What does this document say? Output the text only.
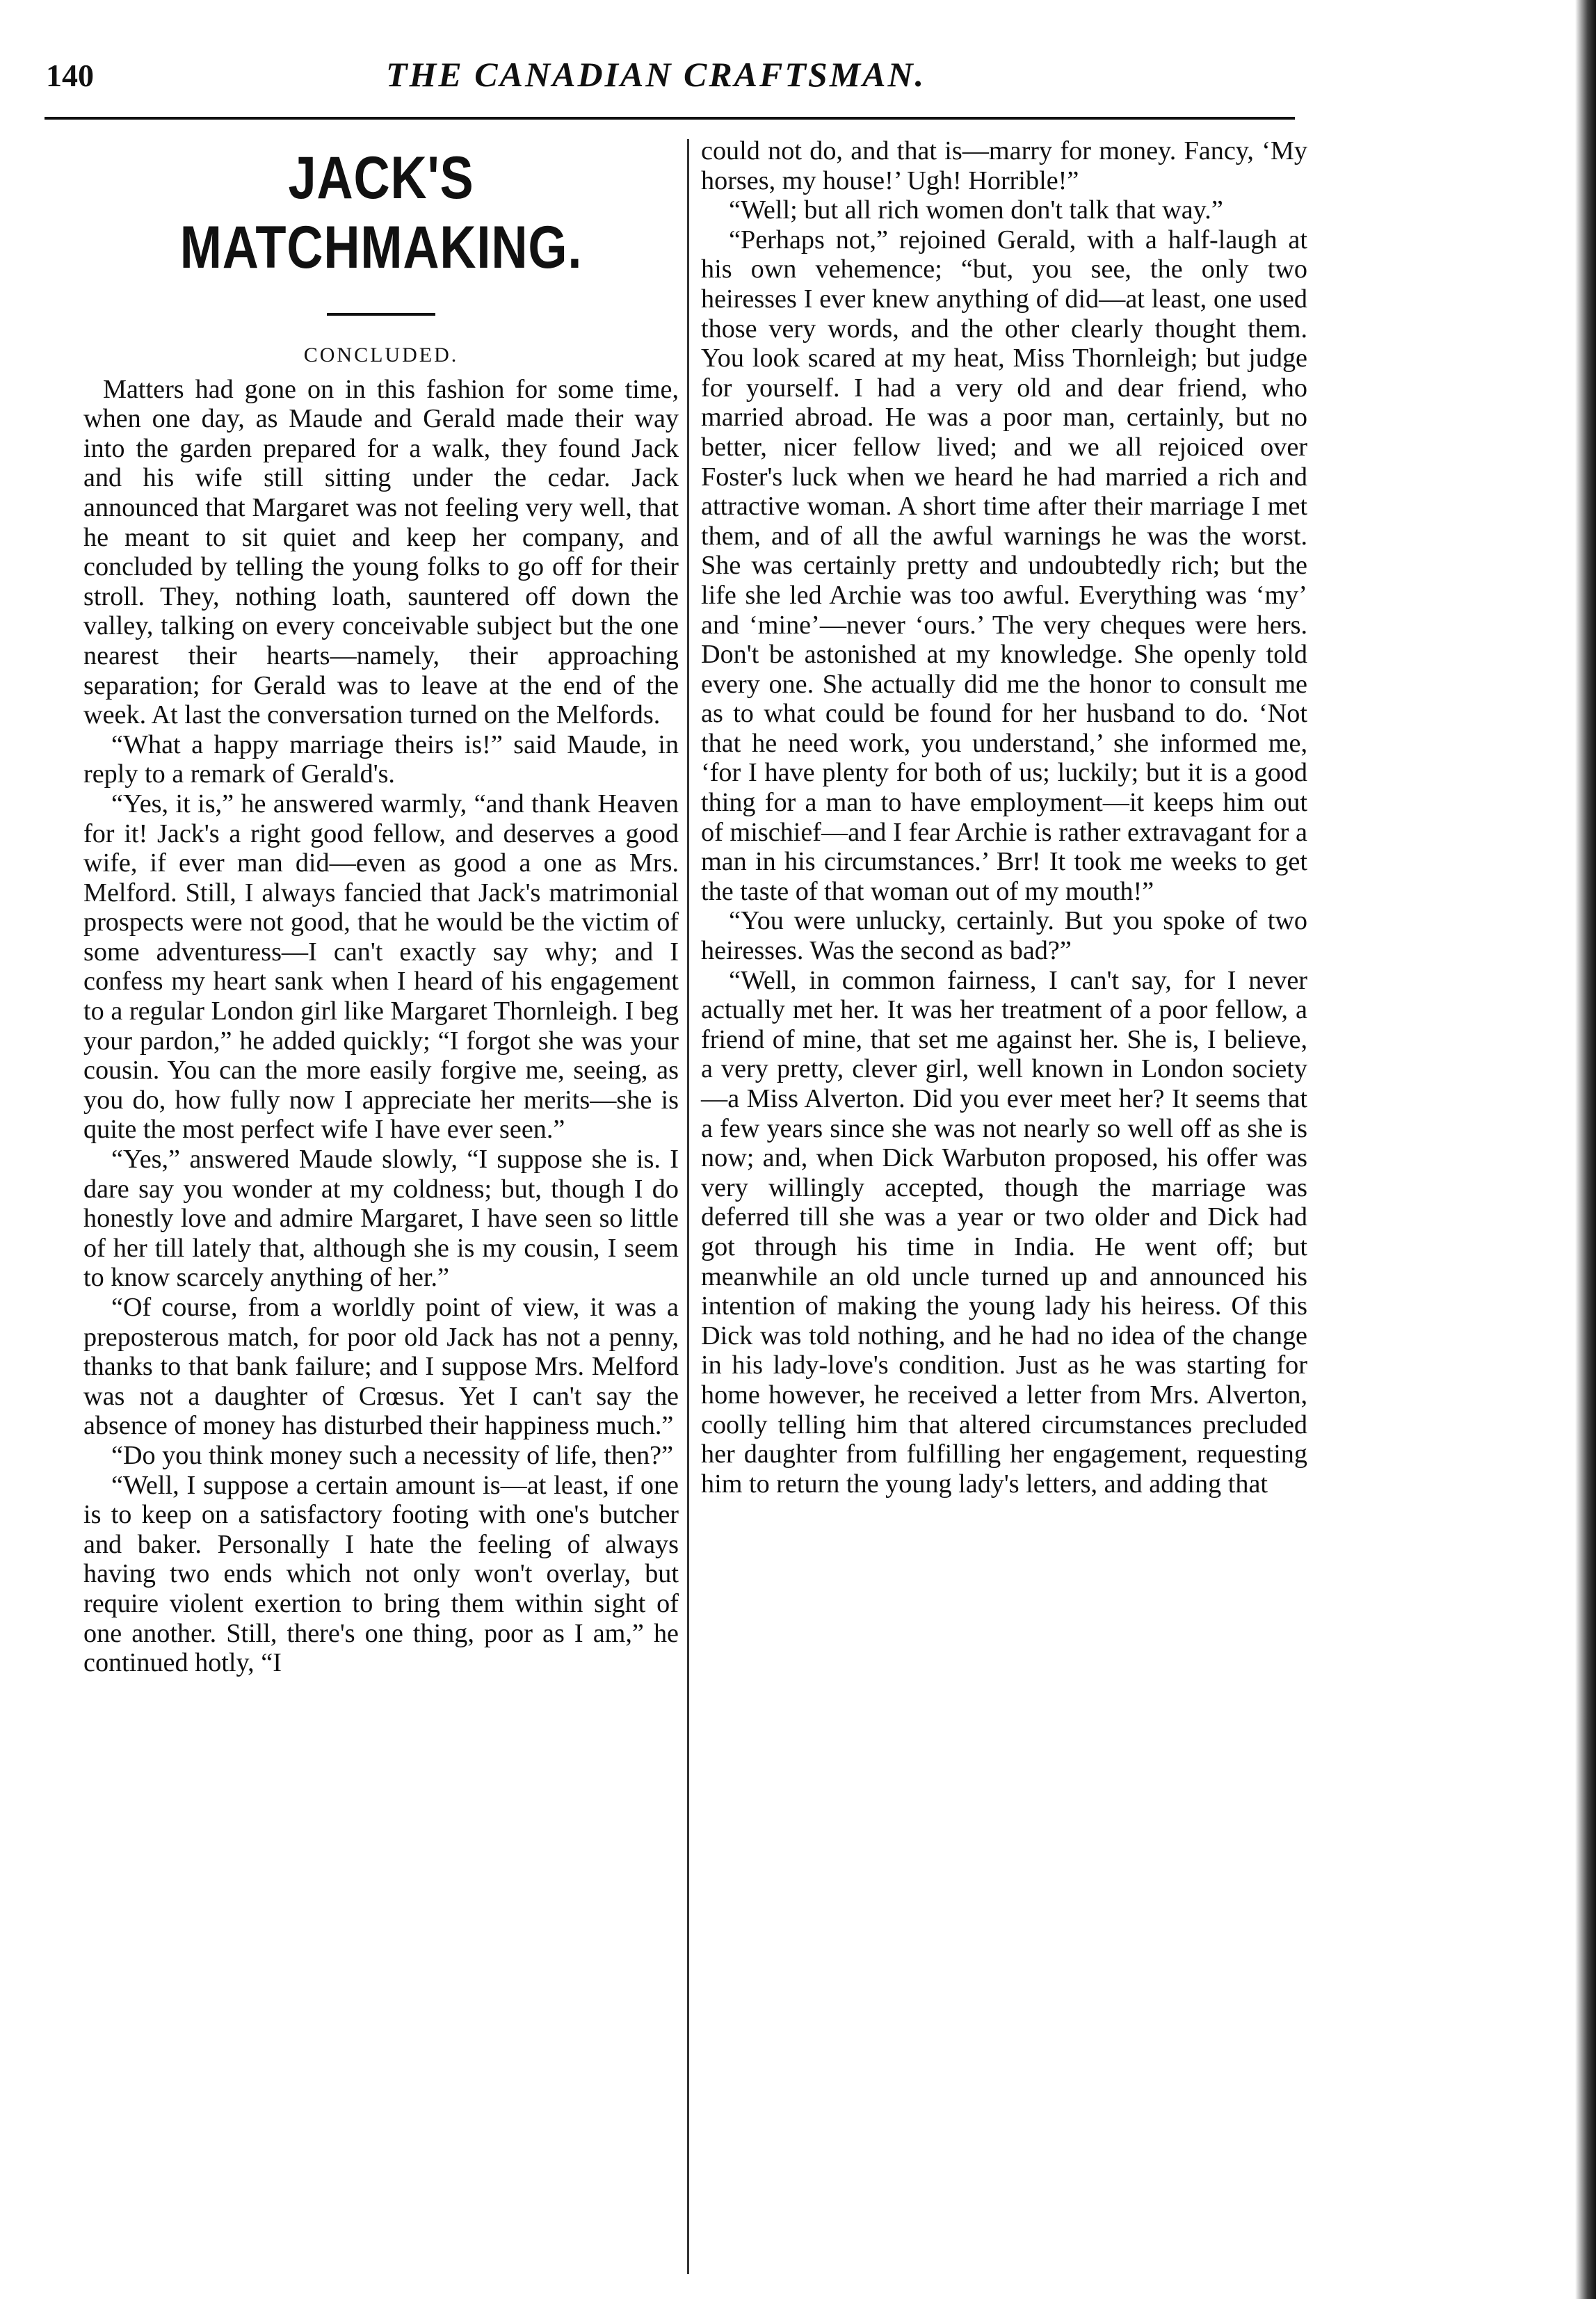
140	THE CANADIAN CRAFTSMAN.
JACK'S MATCHMAKING.
CONCLUDED.

Matters had gone on in this fashion for some time, when one day, as Maude and Gerald made their way into the garden prepared for a walk, they found Jack and his wife still sitting under the cedar. Jack announced that Margaret was not feeling very well, that he meant to sit quiet and keep her company, and concluded by telling the young folks to go off for their stroll. They, nothing loath, sauntered off down the valley, talking on every conceivable subject but the one nearest their hearts—namely, their approaching separation; for Gerald was to leave at the end of the week. At last the conversation turned on the Melfords.

“What a happy marriage theirs is!” said Maude, in reply to a remark of Gerald's.

“Yes, it is,” he answered warmly, “and thank Heaven for it! Jack's a right good fellow, and deserves a good wife, if ever man did—even as good a one as Mrs. Melford. Still, I always fancied that Jack's matrimonial prospects were not good, that he would be the victim of some adventuress—I can't exactly say why; and I confess my heart sank when I heard of his engagement to a regular London girl like Margaret Thornleigh. I beg your pardon,” he added quickly; “I forgot she was your cousin. You can the more easily forgive me, seeing, as you do, how fully now I appreciate her merits—she is quite the most perfect wife I have ever seen.”

“Yes,” answered Maude slowly, “I suppose she is. I dare say you wonder at my coldness; but, though I do honestly love and admire Margaret, I have seen so little of her till lately that, although she is my cousin, I seem to know scarcely anything of her.”

“Of course, from a worldly point of view, it was a preposterous match, for poor old Jack has not a penny, thanks to that bank failure; and I suppose Mrs. Melford was not a daughter of Crœsus. Yet I can't say the absence of money has disturbed their happiness much.”

“Do you think money such a necessity of life, then?”

“Well, I suppose a certain amount is—at least, if one is to keep on a satisfactory footing with one's butcher and baker. Personally I hate the feeling of always having two ends which not only won't overlay, but require violent exertion to bring them within sight of one another. Still, there's one thing, poor as I am,” he continued hotly, “I

could not do, and that is—marry for money. Fancy, ‘My horses, my house!’ Ugh! Horrible!”

“Well; but all rich women don't talk that way.”

“Perhaps not,” rejoined Gerald, with a half-laugh at his own vehemence; “but, you see, the only two heiresses I ever knew anything of did—at least, one used those very words, and the other clearly thought them. You look scared at my heat, Miss Thornleigh; but judge for yourself. I had a very old and dear friend, who married abroad. He was a poor man, certainly, but no better, nicer fellow lived; and we all rejoiced over Foster's luck when we heard he had married a rich and attractive woman. A short time after their marriage I met them, and of all the awful warnings he was the worst. She was certainly pretty and undoubtedly rich; but the life she led Archie was too awful. Everything was ‘my’ and ‘mine’—never ‘ours.’ The very cheques were hers. Don't be astonished at my knowledge. She openly told every one. She actually did me the honor to consult me as to what could be found for her husband to do. ‘Not that he need work, you understand,’ she informed me, ‘for I have plenty for both of us; luckily; but it is a good thing for a man to have employment—it keeps him out of mischief—and I fear Archie is rather extravagant for a man in his circumstances.’ Brr! It took me weeks to get the taste of that woman out of my mouth!”

“You were unlucky, certainly. But you spoke of two heiresses. Was the second as bad?”

“Well, in common fairness, I can't say, for I never actually met her. It was her treatment of a poor fellow, a friend of mine, that set me against her. She is, I believe, a very pretty, clever girl, well known in London society—a Miss Alverton. Did you ever meet her? It seems that a few years since she was not nearly so well off as she is now; and, when Dick Warbuton proposed, his offer was very willingly accepted, though the marriage was deferred till she was a year or two older and Dick had got through his time in India. He went off; but meanwhile an old uncle turned up and announced his intention of making the young lady his heiress. Of this Dick was told nothing, and he had no idea of the change in his lady-love's condition. Just as he was starting for home however, he received a letter from Mrs. Alverton, coolly telling him that altered circumstances precluded her daughter from fulfilling her engagement, requesting him to return the young lady's letters, and adding that
